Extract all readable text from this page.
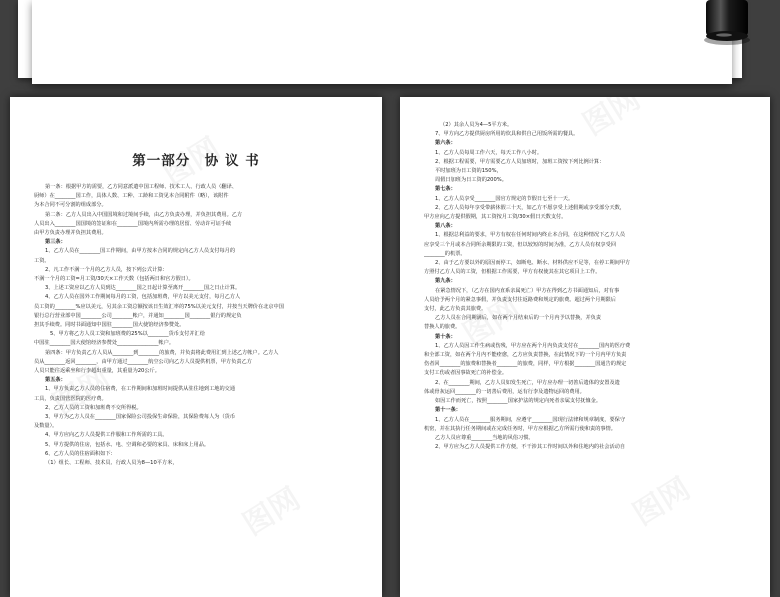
第一部分　协 议 书
第一条：根据甲方的需要，乙方同意派遣中国工程师、技术工人、行政人员（翻译、
厨师）在________国工作，具体人数、工种、工龄和工资见本合同附件（略），该附件
为本合同不可分割的组成部分。
第二条：乙方人员出入中国国境和过境间手续，由乙方负责办理，并负担其费用。乙方
人员出入________国国境的签证和在________国境内所需办理的居留、劳动许可证手续
由甲方负责办理并负担其费用。
第三条：
1、乙方人员在________国工作期间，由甲方按本合同的规定向乙方人员支付每月的
工资。
2、凡工作不满一个月的乙方人员，按下列公式计算：
不满一个月的工资=月工资/30天×工作天数（包括两日和官方假日）。
3、上述工资应以乙方人员到达________国之日起计算至离开________国之日止计算。
4、乙方人员在国外工作期间每月的工资，包括加班费，甲方以美元支付，每月乙方人
员工资的________%应以美元，另其余工资总额按该日生效汇率的75%以美元支付，并按当天牌价在北京中国
银行总行营业部中国________公司________帐户，并通知________国________银行的规定负
担其手续费。同时书面通知中国驻________国大使馆经济参赞处。
5、甲方将乙方人员工资和加班费的25%以________货币支付并汇给
中国驻________国大使馆经济参赞处________________帐户。
第四条：甲方负责乙方人员从________到________的旅费，并负责将此费用汇到上述乙方帐户。乙方人
员从________返回________，由甲方通过________航空公司向乙方人员提供机票，甲方负责乙方
人员只能往返乘坐和行李超出重量，其重量为20公斤。
第五条：
1、甲方负责乙方人员的住宿费，在工作期间和加班时间提供从驻住地到工地的交通
工具，负责国营医院的医疗费。
2、乙方人员的工资和加班费不交所得税。
3、甲方为乙方人员在________国家保险公司投保生命保险，其保险费每人为（货币
及数量）。
4、甲方应向乙方人员提供工作服和工作所需的工具。
5、甲方提供的住房，包括水、电、空调和必要的家具、床和床上用品。
6、乙方人员的住宿面积如下：
（1）组长、工程师、技术员、行政人员为8—10平方米，
（2）其余人员为4—5平方米。
7、甲方向乙方提供厨房所用的炊具和供自己用饭所需的餐具。
第六条：
1、乙方人员每周工作六天，每天工作八小时。
2、根据工程需要，甲方需要乙方人员加班时，加班工资按下列比例计算：
平时加班为日工资的150%，
周假日加班为日工资的200%。
第七条：
1、乙方人员享受________国官方规定的节假日七至十一天。
2、乙方人员每年享受带薪休假三十天，如乙方不愿享受上述假期或享受部分天数，
甲方应向乙方提供假期，其工资按月工资/30×假日天数支付。
第八条：
1、根据总利益的要求，甲方有权在任何时间内终止本合同，在这种情况下乙方人员
应享受三个月或本合同所余期限的工资，但以较短的时间为准，乙方人员有权享受回
________的机票。
2、由于乙方要以外的原因而停工，如断电、断水、材料供应不足等，在停工期间甲方
方照付乙方人员的工资，但根据工作需要，甲方有权使其在其它项目上工作。
第九条：
在紧急情况下，（乙方在国内直系亲属死亡）甲方在得到乙方书面通知后，对有事
人员给予两个月的紧急事假，并负责支付往返路费和规定的旅费。超过两个月期限后
支付，此乙方负责其旅费。
乙方人员在合同期满后，如在两个月结束后的一个月内予以替换，并负责
替换人的旅费。
第十条：
1、乙方人员因工作生病或伤残，甲方应在两个月内负责支付在________国内的医疗费
和全部工资，如在两个月内不能痊愈，乙方应负责替换，在此情况下的一个月内甲方负责
伤者回________的旅费和替换者________的旅费，同样，甲方根据________国通告的规定
支付工伤或者因事故死亡的补偿金。
2、在________期间，乙方人员如发生死亡，甲方应办理一切善后遗体的安置及遗
体或骨灰运回________的一切善后费用，运有行李及遗物运回的费用。
如因工作而死亡，按照________国家护法的规定向死者亲属支付抚恤金。
第十一条：
1、乙方人员在________服务期间，应遵守________国现行法律和规章制度，要保守
机密，并在其执行任务期间或在完成任务时，甲方应根据乙方所需行使和责的事情。
乙方人员应尊重________当地的风俗习惯。
2、甲方应为乙方人员提供工作方便，不干涉其工作时间以外和住地内的社会活动自
